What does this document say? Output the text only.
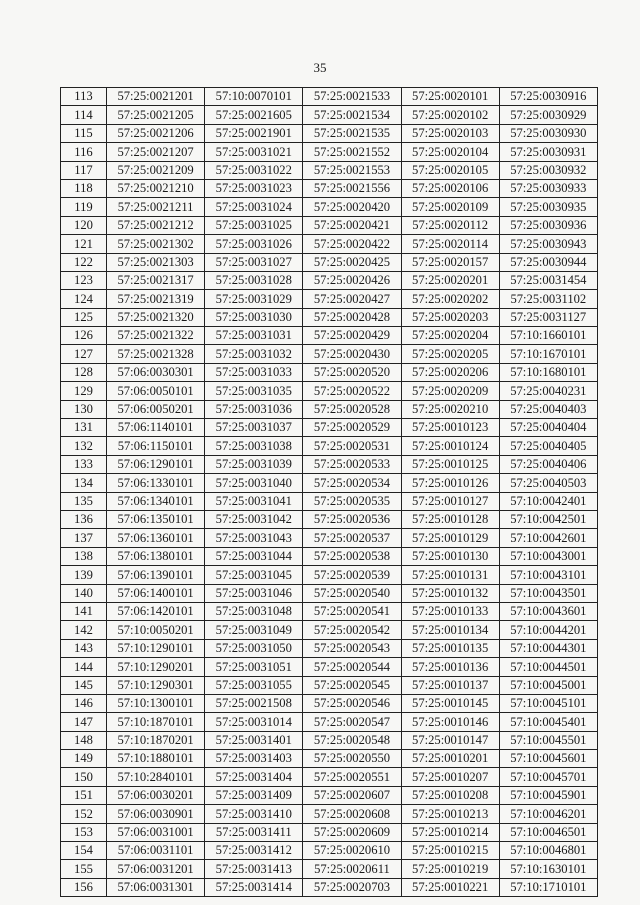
35
113	57:25:0021201	57:10:0070101	57:25:0021533	57:25:0020101	57:25:0030916
114	57:25:0021205	57:25:0021605	57:25:0021534	57:25:0020102	57:25:0030929
115	57:25:0021206	57:25:0021901	57:25:0021535	57:25:0020103	57:25:0030930
116	57:25:0021207	57:25:0031021	57:25:0021552	57:25:0020104	57:25:0030931
117	57:25:0021209	57:25:0031022	57:25:0021553	57:25:0020105	57:25:0030932
118	57:25:0021210	57:25:0031023	57:25:0021556	57:25:0020106	57:25:0030933
119	57:25:0021211	57:25:0031024	57:25:0020420	57:25:0020109	57:25:0030935
120	57:25:0021212	57:25:0031025	57:25:0020421	57:25:0020112	57:25:0030936
121	57:25:0021302	57:25:0031026	57:25:0020422	57:25:0020114	57:25:0030943
122	57:25:0021303	57:25:0031027	57:25:0020425	57:25:0020157	57:25:0030944
123	57:25:0021317	57:25:0031028	57:25:0020426	57:25:0020201	57:25:0031454
124	57:25:0021319	57:25:0031029	57:25:0020427	57:25:0020202	57:25:0031102
125	57:25:0021320	57:25:0031030	57:25:0020428	57:25:0020203	57:25:0031127
126	57:25:0021322	57:25:0031031	57:25:0020429	57:25:0020204	57:10:1660101
127	57:25:0021328	57:25:0031032	57:25:0020430	57:25:0020205	57:10:1670101
128	57:06:0030301	57:25:0031033	57:25:0020520	57:25:0020206	57:10:1680101
129	57:06:0050101	57:25:0031035	57:25:0020522	57:25:0020209	57:25:0040231
130	57:06:0050201	57:25:0031036	57:25:0020528	57:25:0020210	57:25:0040403
131	57:06:1140101	57:25:0031037	57:25:0020529	57:25:0010123	57:25:0040404
132	57:06:1150101	57:25:0031038	57:25:0020531	57:25:0010124	57:25:0040405
133	57:06:1290101	57:25:0031039	57:25:0020533	57:25:0010125	57:25:0040406
134	57:06:1330101	57:25:0031040	57:25:0020534	57:25:0010126	57:25:0040503
135	57:06:1340101	57:25:0031041	57:25:0020535	57:25:0010127	57:10:0042401
136	57:06:1350101	57:25:0031042	57:25:0020536	57:25:0010128	57:10:0042501
137	57:06:1360101	57:25:0031043	57:25:0020537	57:25:0010129	57:10:0042601
138	57:06:1380101	57:25:0031044	57:25:0020538	57:25:0010130	57:10:0043001
139	57:06:1390101	57:25:0031045	57:25:0020539	57:25:0010131	57:10:0043101
140	57:06:1400101	57:25:0031046	57:25:0020540	57:25:0010132	57:10:0043501
141	57:06:1420101	57:25:0031048	57:25:0020541	57:25:0010133	57:10:0043601
142	57:10:0050201	57:25:0031049	57:25:0020542	57:25:0010134	57:10:0044201
143	57:10:1290101	57:25:0031050	57:25:0020543	57:25:0010135	57:10:0044301
144	57:10:1290201	57:25:0031051	57:25:0020544	57:25:0010136	57:10:0044501
145	57:10:1290301	57:25:0031055	57:25:0020545	57:25:0010137	57:10:0045001
146	57:10:1300101	57:25:0021508	57:25:0020546	57:25:0010145	57:10:0045101
147	57:10:1870101	57:25:0031014	57:25:0020547	57:25:0010146	57:10:0045401
148	57:10:1870201	57:25:0031401	57:25:0020548	57:25:0010147	57:10:0045501
149	57:10:1880101	57:25:0031403	57:25:0020550	57:25:0010201	57:10:0045601
150	57:10:2840101	57:25:0031404	57:25:0020551	57:25:0010207	57:10:0045701
151	57:06:0030201	57:25:0031409	57:25:0020607	57:25:0010208	57:10:0045901
152	57:06:0030901	57:25:0031410	57:25:0020608	57:25:0010213	57:10:0046201
153	57:06:0031001	57:25:0031411	57:25:0020609	57:25:0010214	57:10:0046501
154	57:06:0031101	57:25:0031412	57:25:0020610	57:25:0010215	57:10:0046801
155	57:06:0031201	57:25:0031413	57:25:0020611	57:25:0010219	57:10:1630101
156	57:06:0031301	57:25:0031414	57:25:0020703	57:25:0010221	57:10:1710101
